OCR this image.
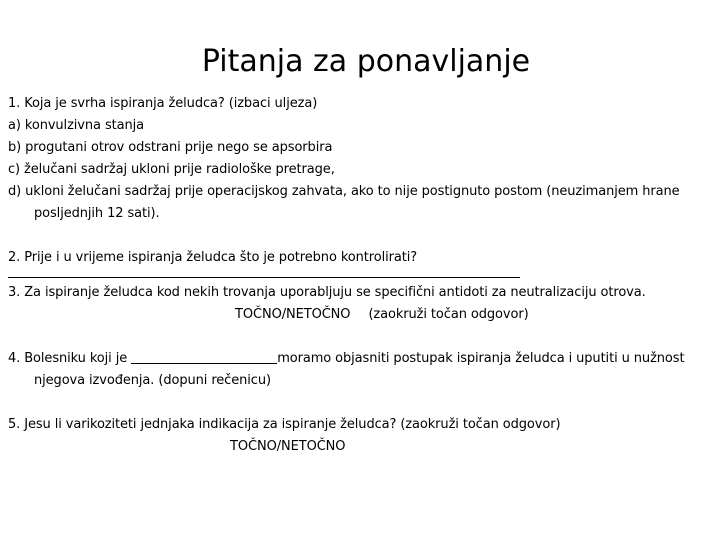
Pitanja za ponavljanje
1. Koja je svrha ispiranja želudca? (izbaci uljeza)
a) konvulzivna stanja
b) progutani otrov odstrani prije nego se apsorbira
c) želučani sadržaj ukloni prije radiološke pretrage,
d) ukloni želučani sadržaj prije operacijskog zahvata, ako to nije postignuto postom (neuzimanjem hrane
posljednjih 12 sati).
2. Prije i u vrijeme ispiranja želudca što je potrebno kontrolirati?
3. Za ispiranje želudca kod nekih trovanja uporabljuju se specifični antidoti za neutralizaciju otrova.
TOČNO/NETOČNO (zaokruži točan odgovor)
4. Bolesniku koji je	moramo objasniti postupak ispiranja želudca i uputiti u nužnost
njegova izvođenja. (dopuni rečenicu)
5. Jesu li varikoziteti jednjaka indikacija za ispiranje želudca? (zaokruži točan odgovor)
TOČNO/NETOČNO
